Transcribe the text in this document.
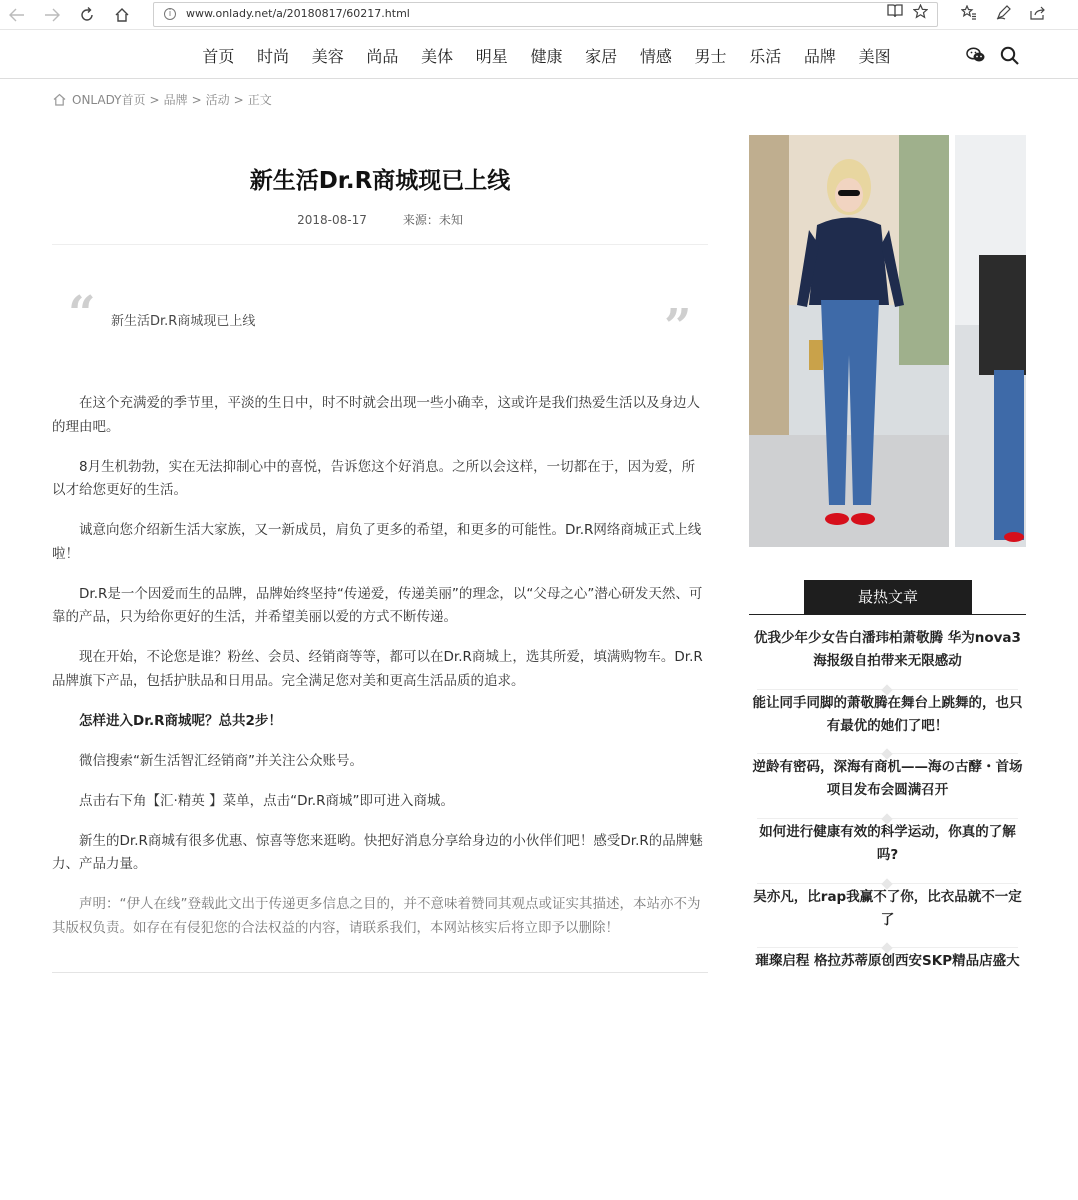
i	www.onlady.net/a/20180817/60217.html
首页	时尚	美容	尚品	美体	明星	健康	家居	情感	男士	乐活	品牌	美图
ONLADY首页 > 品牌 > 活动 > 正文
新生活Dr.R商城现已上线
2018-08-17	来源：未知
“ 新生活Dr.R商城现已上线	”

在这个充满爱的季节里，平淡的生日中，时不时就会出现一些小确幸，这或许是我们热爱生活以及身边人的理由吧。

8月生机勃勃，实在无法抑制心中的喜悦，告诉您这个好消息。之所以会这样，一切都在于，因为爱，所以才给您更好的生活。

诚意向您介绍新生活大家族，又一新成员，肩负了更多的希望，和更多的可能性。Dr.R网络商城正式上线啦！

Dr.R是一个因爱而生的品牌，品牌始终坚持“传递爱，传递美丽”的理念，以“父母之心”潜心研发天然、可靠的产品，只为给你更好的生活，并希望美丽以爱的方式不断传递。

现在开始，不论您是谁？粉丝、会员、经销商等等，都可以在Dr.R商城上，选其所爱，填满购物车。Dr.R品牌旗下产品，包括护肤品和日用品。完全满足您对美和更高生活品质的追求。

怎样进入Dr.R商城呢？总共2步！

微信搜索“新生活智汇经销商”并关注公众账号。

点击右下角【汇·精英 】菜单，点击“Dr.R商城”即可进入商城。

新生的Dr.R商城有很多优惠、惊喜等您来逛哟。快把好消息分享给身边的小伙伴们吧！感受Dr.R的品牌魅力、产品力量。

声明：“伊人在线”登载此文出于传递更多信息之目的，并不意味着赞同其观点或证实其描述，本站亦不为其版权负责。如存在有侵犯您的合法权益的内容，请联系我们，本网站核实后将立即予以删除！

最热文章
优我少年少女告白潘玮柏萧敬腾 华为nova3海报级自拍带来无限感动
能让同手同脚的萧敬腾在舞台上跳舞的，也只有最优的她们了吧！
逆龄有密码，深海有商机——海の古酵・首场项目发布会圆满召开
如何进行健康有效的科学运动，你真的了解吗?
吴亦凡，比rap我赢不了你，比衣品就不一定了
璀璨启程 格拉苏蒂原创西安SKP精品店盛大
